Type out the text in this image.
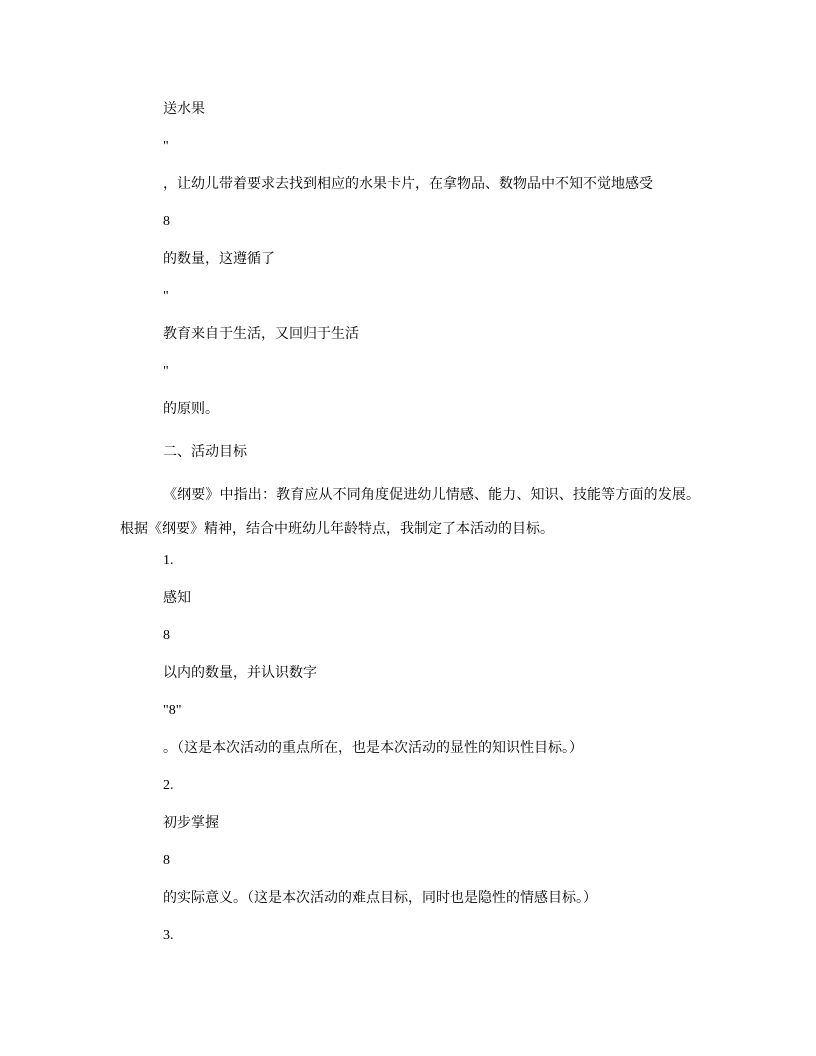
送水果
"
，让幼儿带着要求去找到相应的水果卡片，在拿物品、数物品中不知不觉地感受
8
的数量，这遵循了
"
教育来自于生活，又回归于生活
"
的原则。
二、活动目标
《纲要》中指出：教育应从不同角度促进幼儿情感、能力、知识、技能等方面的发展。根据《纲要》精神，结合中班幼儿年龄特点，我制定了本活动的目标。
1.
感知
8
以内的数量，并认识数字
"8"
。（这是本次活动的重点所在，也是本次活动的显性的知识性目标。）
2.
初步掌握
8
的实际意义。（这是本次活动的难点目标，同时也是隐性的情感目标。）
3.
